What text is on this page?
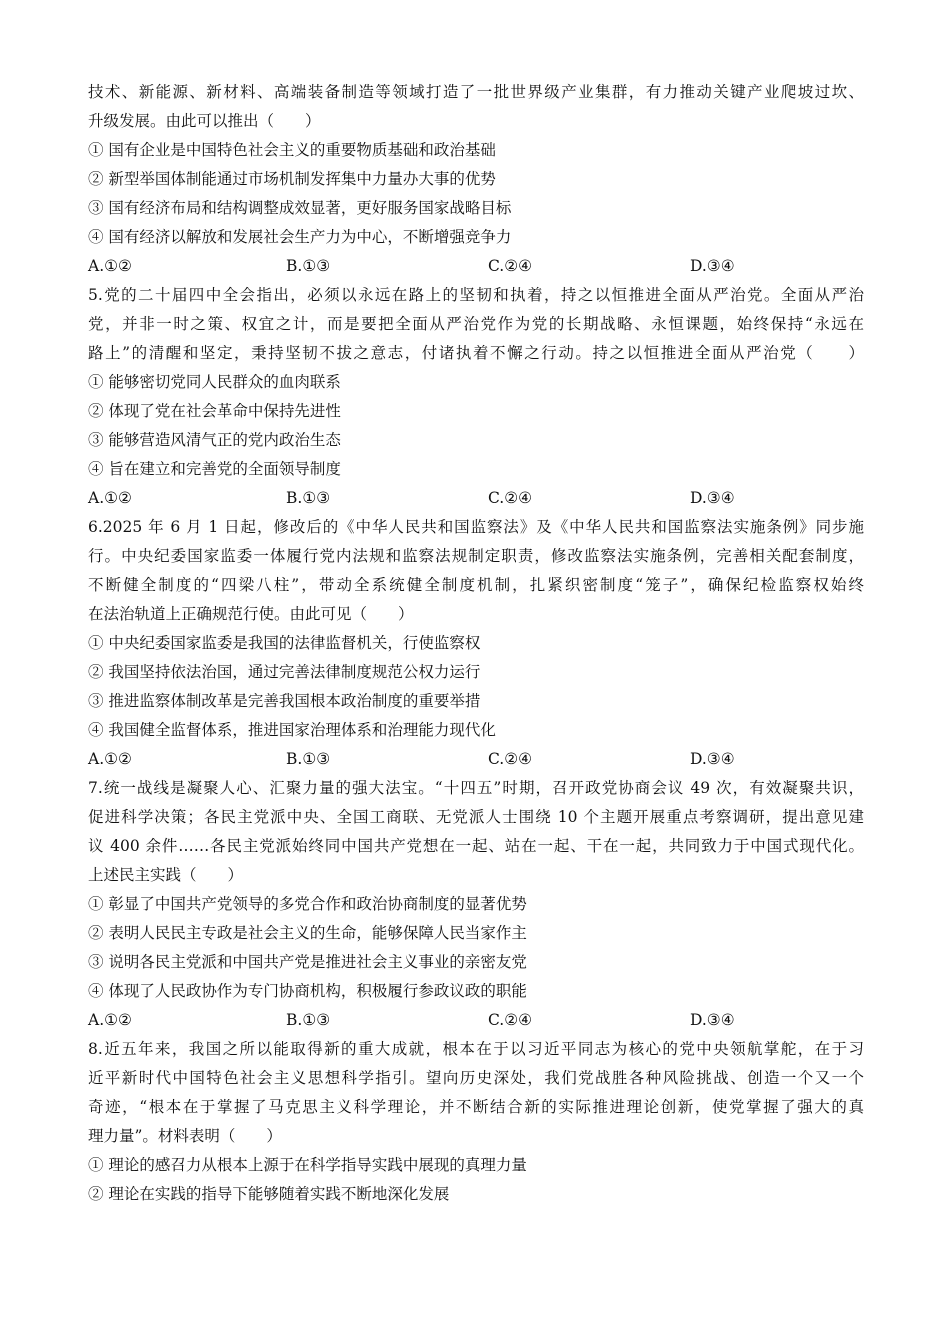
技术、新能源、新材料、高端装备制造等领域打造了一批世界级产业集群，有力推动关键产业爬坡过坎、
升级发展。由此可以推出（　　）
① 国有企业是中国特色社会主义的重要物质基础和政治基础
② 新型举国体制能通过市场机制发挥集中力量办大事的优势
③ 国有经济布局和结构调整成效显著，更好服务国家战略目标
④ 国有经济以解放和发展社会生产力为中心，不断增强竞争力
A.①②	B.①③	C.②④	D.③④
5.党的二十届四中全会指出，必须以永远在路上的坚韧和执着，持之以恒推进全面从严治党。全面从严治
党，并非一时之策、权宜之计，而是要把全面从严治党作为党的长期战略、永恒课题，始终保持“永远在
路上”的清醒和坚定，秉持坚韧不拔之意志，付诸执着不懈之行动。持之以恒推进全面从严治党（　　）
① 能够密切党同人民群众的血肉联系
② 体现了党在社会革命中保持先进性
③ 能够营造风清气正的党内政治生态
④ 旨在建立和完善党的全面领导制度
A.①②	B.①③	C.②④	D.③④
6.2025 年 6 月 1 日起，修改后的《中华人民共和国监察法》及《中华人民共和国监察法实施条例》同步施
行。中央纪委国家监委一体履行党内法规和监察法规制定职责，修改监察法实施条例，完善相关配套制度，
不断健全制度的“四梁八柱”，带动全系统健全制度机制，扎紧织密制度“笼子”，确保纪检监察权始终
在法治轨道上正确规范行使。由此可见（　　）
① 中央纪委国家监委是我国的法律监督机关，行使监察权
② 我国坚持依法治国，通过完善法律制度规范公权力运行
③ 推进监察体制改革是完善我国根本政治制度的重要举措
④ 我国健全监督体系，推进国家治理体系和治理能力现代化
A.①②	B.①③	C.②④	D.③④
7.统一战线是凝聚人心、汇聚力量的强大法宝。“十四五”时期，召开政党协商会议 49 次，有效凝聚共识，
促进科学决策；各民主党派中央、全国工商联、无党派人士围绕 10 个主题开展重点考察调研，提出意见建
议 400 余件……各民主党派始终同中国共产党想在一起、站在一起、干在一起，共同致力于中国式现代化。
上述民主实践（　　）
① 彰显了中国共产党领导的多党合作和政治协商制度的显著优势
② 表明人民民主专政是社会主义的生命，能够保障人民当家作主
③ 说明各民主党派和中国共产党是推进社会主义事业的亲密友党
④ 体现了人民政协作为专门协商机构，积极履行参政议政的职能
A.①②	B.①③	C.②④	D.③④
8.近五年来，我国之所以能取得新的重大成就，根本在于以习近平同志为核心的党中央领航掌舵，在于习
近平新时代中国特色社会主义思想科学指引。望向历史深处，我们党战胜各种风险挑战、创造一个又一个
奇迹，“根本在于掌握了马克思主义科学理论，并不断结合新的实际推进理论创新，使党掌握了强大的真
理力量”。材料表明（　　）
① 理论的感召力从根本上源于在科学指导实践中展现的真理力量
② 理论在实践的指导下能够随着实践不断地深化发展
